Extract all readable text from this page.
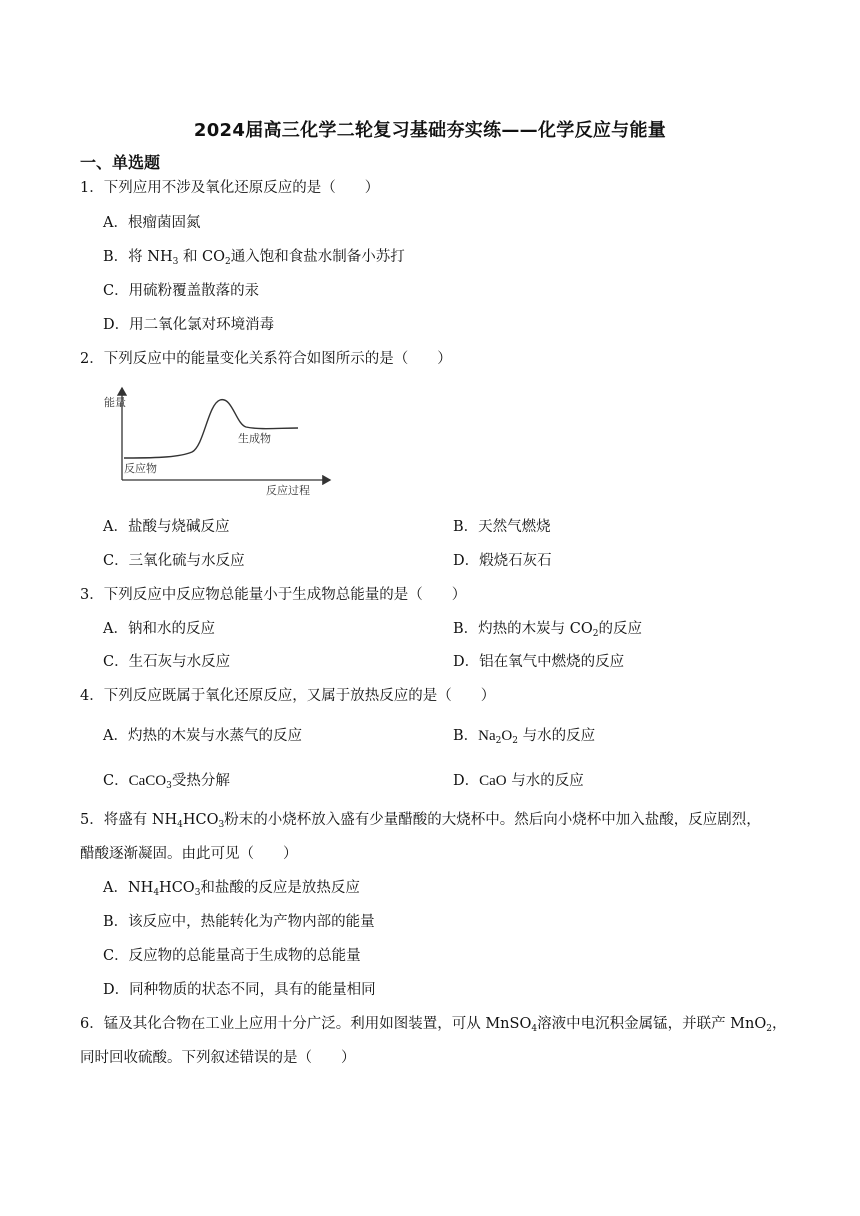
2024届高三化学二轮复习基础夯实练——化学反应与能量
一、单选题
1．下列应用不涉及氧化还原反应的是（　　）
A．根瘤菌固氮
B．将 $NH_3$ 和 $CO_2$通入饱和食盐水制备小苏打
C．用硫粉覆盖散落的汞
D．用二氧化氯对环境消毒
2．下列反应中的能量变化关系符合如图所示的是（　　）
能量
反应物
生成物
反应过程
A．盐酸与烧碱反应	B．天然气燃烧
C．三氧化硫与水反应	D．煅烧石灰石
3．下列反应中反应物总能量小于生成物总能量的是（　　）
A．钠和水的反应	B．灼热的木炭与 $CO_2$的反应
C．生石灰与水反应	D．铝在氧气中燃烧的反应
4．下列反应既属于氧化还原反应，又属于放热反应的是（　　）
A．灼热的木炭与水蒸气的反应	B．$Na_2O_2$ 与水的反应
C．CaCO$_3$受热分解	D．CaO 与水的反应
5．将盛有 $NH_4HCO_3$粉末的小烧杯放入盛有少量醋酸的大烧杯中。然后向小烧杯中加入盐酸，反应剧烈，
醋酸逐渐凝固。由此可见（　　）
A．$NH_4HCO_3$和盐酸的反应是放热反应
B．该反应中，热能转化为产物内部的能量
C．反应物的总能量高于生成物的总能量
D．同种物质的状态不同，具有的能量相同
6．锰及其化合物在工业上应用十分广泛。利用如图装置，可从 MnSO$_4$溶液中电沉积金属锰，并联产 MnO$_2$，
同时回收硫酸。下列叙述错误的是（　　）
